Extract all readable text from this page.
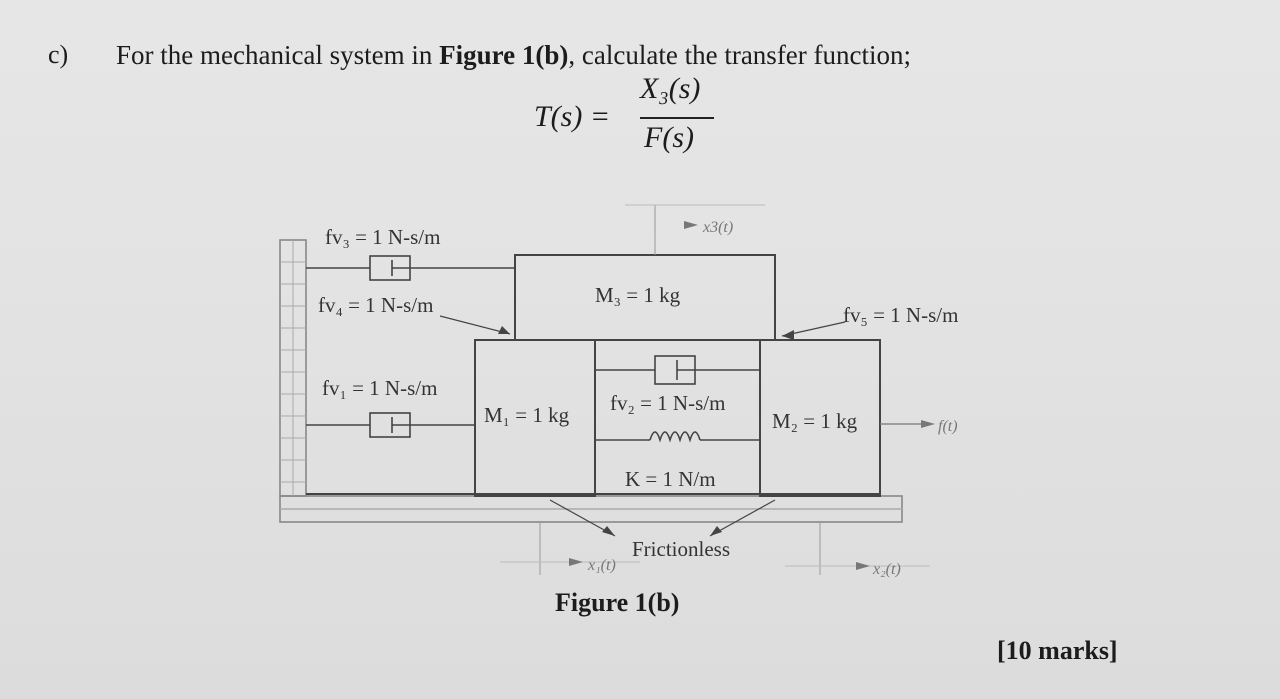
c) For the mechanical system in Figure 1(b), calculate the transfer function;
T(s) =
X₃(s)
F(s)
fv₃ = 1 N-s/m
fv₄ = 1 N-s/m	fv₅ = 1 N-s/m
fv₁ = 1 N-s/m
fv₂ = 1 N-s/m
M₃ = 1 kg
M₁ = 1 kg	M₂ = 1 kg
K = 1 N/m
Frictionless
x3(t)
x₁(t)	x₂(t)
f(t)
Figure 1(b)
[10 marks]
